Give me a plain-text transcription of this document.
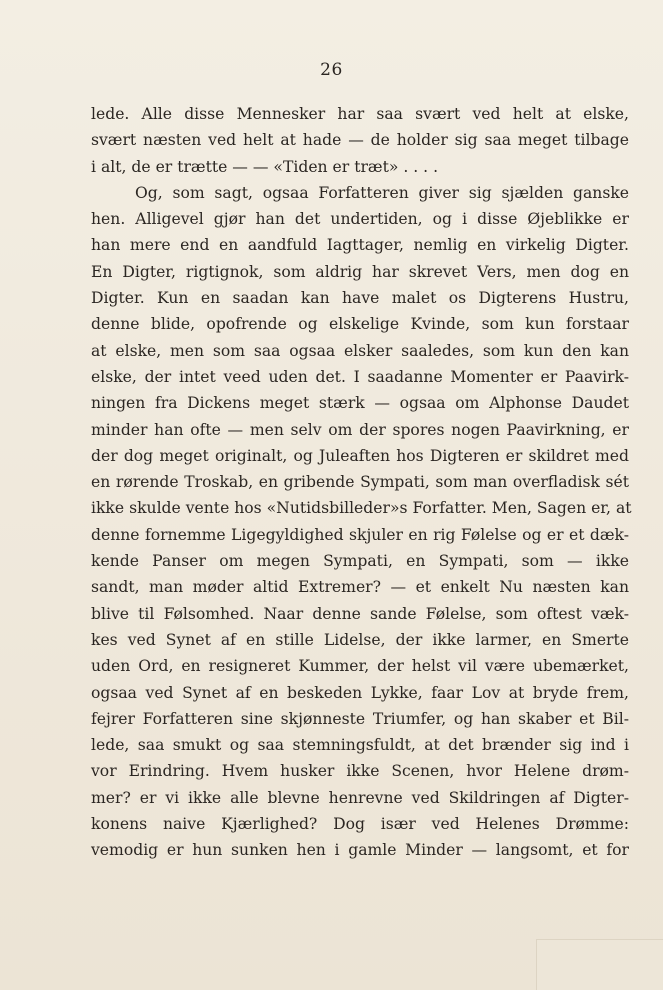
26
lede. Alle disse Mennesker har saa svært ved helt at elske,
svært næsten ved helt at hade — de holder sig saa meget tilbage
i alt, de er trætte — — «Tiden er træt» . . . .
Og, som sagt, ogsaa Forfatteren giver sig sjælden ganske
hen. Alligevel gjør han det undertiden, og i disse Øjeblikke er
han mere end en aandfuld Iagttager, nemlig en virkelig Digter.
En Digter, rigtignok, som aldrig har skrevet Vers, men dog en
Digter. Kun en saadan kan have malet os Digterens Hustru,
denne blide, opofrende og elskelige Kvinde, som kun forstaar
at elske, men som saa ogsaa elsker saaledes, som kun den kan
elske, der intet veed uden det. I saadanne Momenter er Paavirk-
ningen fra Dickens meget stærk — ogsaa om Alphonse Daudet
minder han ofte — men selv om der spores nogen Paavirkning, er
der dog meget originalt, og Juleaften hos Digteren er skildret med
en rørende Troskab, en gribende Sympati, som man overfladisk sét
ikke skulde vente hos «Nutidsbilleder»s Forfatter. Men, Sagen er, at
denne fornemme Ligegyldighed skjuler en rig Følelse og er et dæk-
kende Panser om megen Sympati, en Sympati, som — ikke
sandt, man møder altid Extremer? — et enkelt Nu næsten kan
blive til Følsomhed. Naar denne sande Følelse, som oftest væk-
kes ved Synet af en stille Lidelse, der ikke larmer, en Smerte
uden Ord, en resigneret Kummer, der helst vil være ubemærket,
ogsaa ved Synet af en beskeden Lykke, faar Lov at bryde frem,
fejrer Forfatteren sine skjønneste Triumfer, og han skaber et Bil-
lede, saa smukt og saa stemningsfuldt, at det brænder sig ind i
vor Erindring. Hvem husker ikke Scenen, hvor Helene drøm-
mer? er vi ikke alle blevne henrevne ved Skildringen af Digter-
konens naive Kjærlighed? Dog især ved Helenes Drømme:
vemodig er hun sunken hen i gamle Minder — langsomt, et for
